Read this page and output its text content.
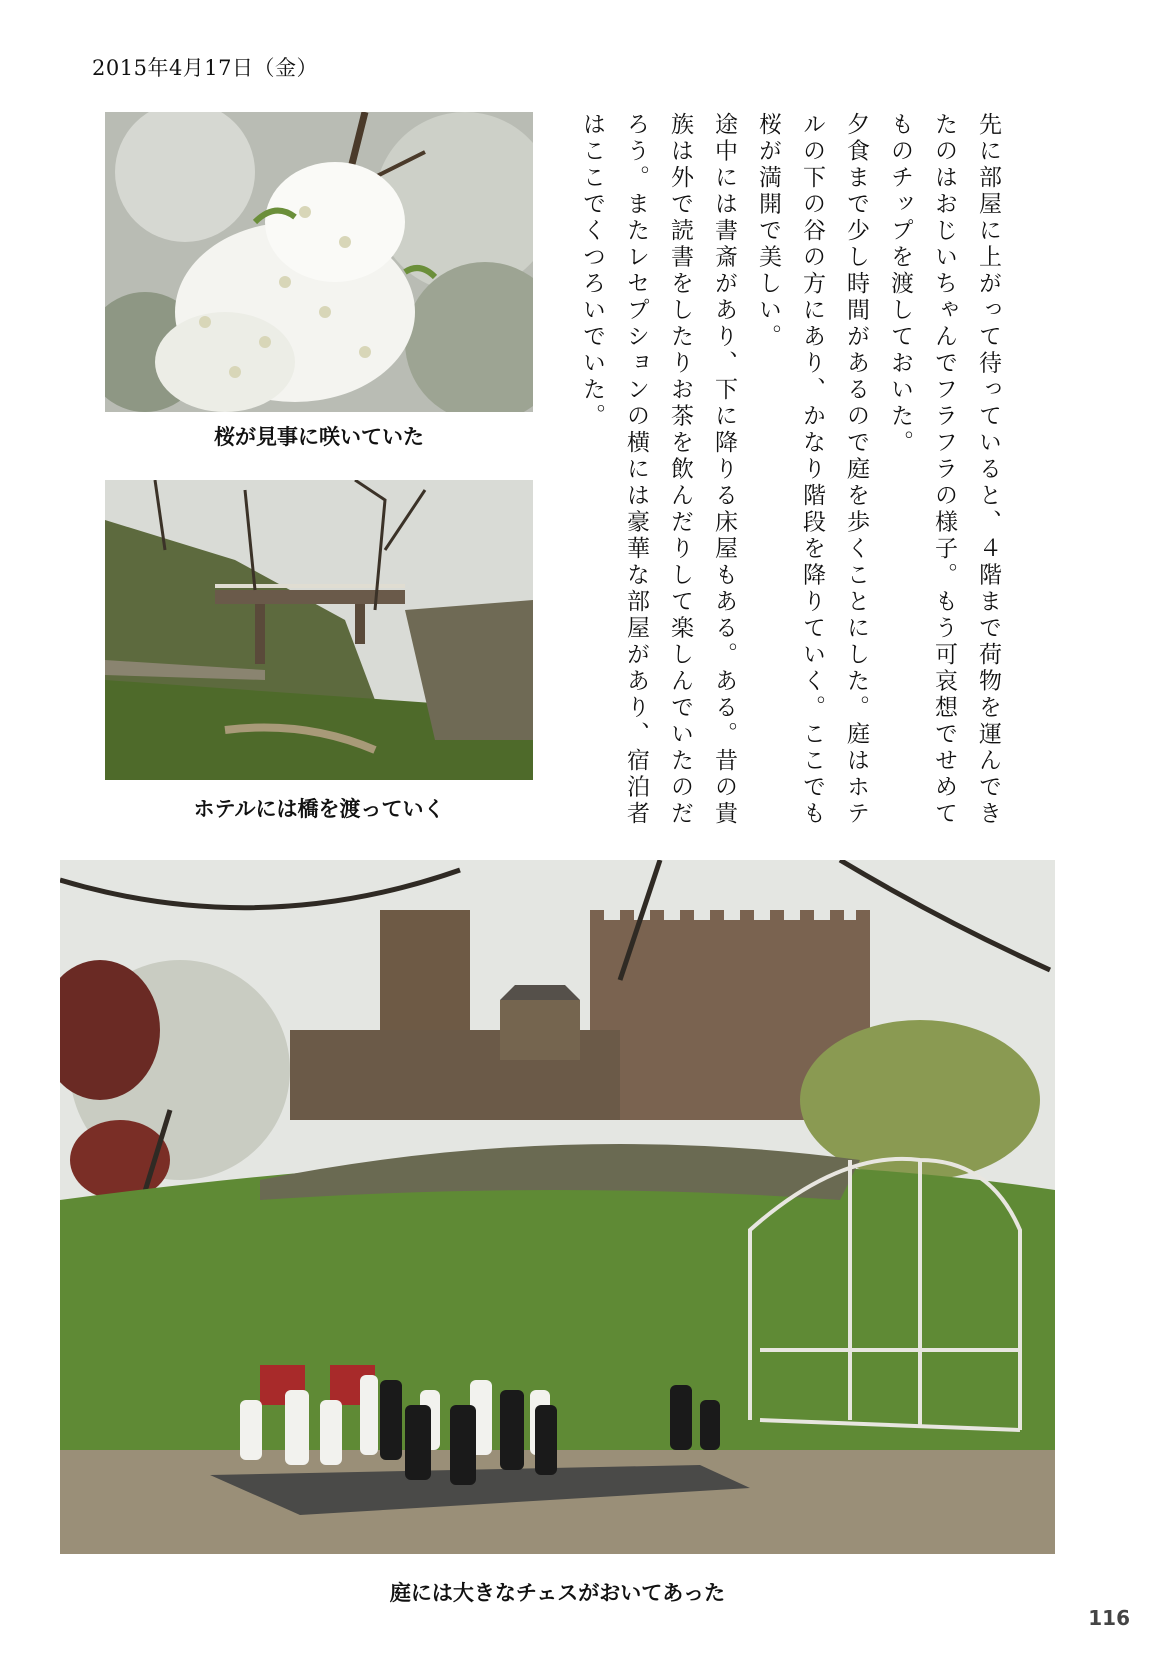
2015年4月17日（金）
桜が見事に咲いていた
ホテルには橋を渡っていく
庭には大きなチェスがおいてあった

先に部屋に上がって待っていると、４階まで荷物を運んできたのはおじいちゃんでフラフラの様子。もう可哀想でせめてものチップを渡しておいた。

夕食まで少し時間があるので庭を歩くことにした。庭はホテルの下の谷の方にあり、かなり階段を降りていく。ここでも桜が満開で美しい。

途中には書斎があり、下に降りる床屋もある。ある。昔の貴族は外で読書をしたりお茶を飲んだりして楽しんでいたのだろう。またレセプションの横には豪華な部屋があり、宿泊者はここでくつろいでいた。

116
